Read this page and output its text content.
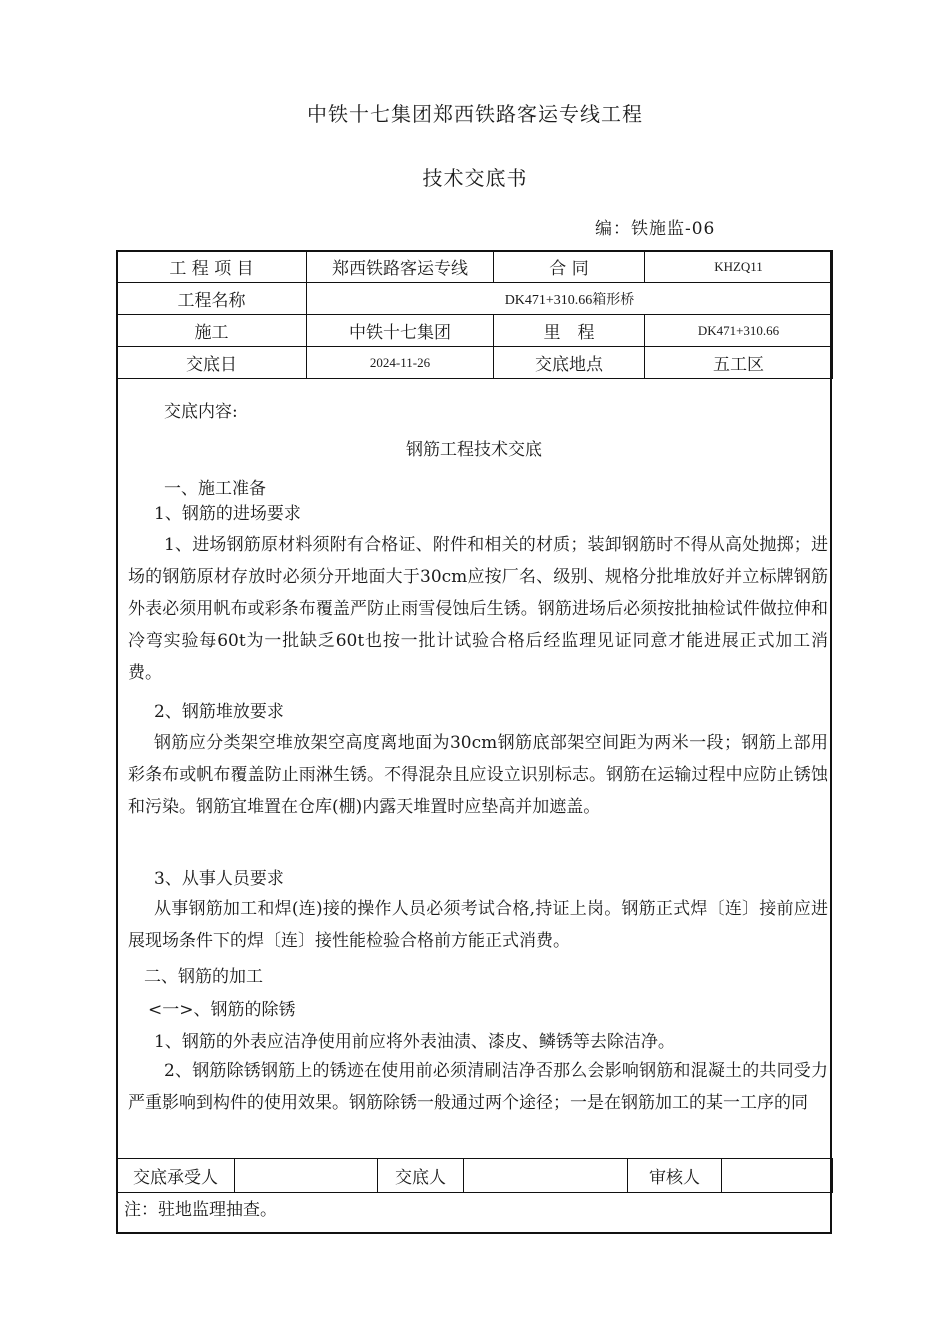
中铁十七集团郑西铁路客运专线工程
技术交底书
编：铁施监-06
工 程 项 目	郑西铁路客运专线	合 同	KHZQ11
工程名称	DK471+310.66箱形桥		
施工	中铁十七集团	里　程	DK471+310.66
交底日	2024-11-26	交底地点	五工区
交底内容:
钢筋工程技术交底
一、施工准备
1、钢筋的进场要求
1、进场钢筋原材料须附有合格证、附件和相关的材质；装卸钢筋时不得从高处抛掷；进场的钢筋原材存放时必须分开地面大于30cm应按厂名、级别、规格分批堆放好并立标牌钢筋外表必须用帆布或彩条布覆盖严防止雨雪侵蚀后生锈。钢筋进场后必须按批抽检试件做拉伸和冷弯实验每60t为一批缺乏60t也按一批计试验合格后经监理见证同意才能进展正式加工消费。
2、钢筋堆放要求
钢筋应分类架空堆放架空高度离地面为30cm钢筋底部架空间距为两米一段；钢筋上部用彩条布或帆布覆盖防止雨淋生锈。不得混杂且应设立识别标志。钢筋在运输过程中应防止锈蚀和污染。钢筋宜堆置在仓库(棚)内露天堆置时应垫高并加遮盖。
3、从事人员要求
从事钢筋加工和焊(连)接的操作人员必须考试合格,持证上岗。钢筋正式焊〔连〕接前应进展现场条件下的焊〔连〕接性能检验合格前方能正式消费。
二、钢筋的加工
<一>、钢筋的除锈
1、钢筋的外表应洁净使用前应将外表油渍、漆皮、鳞锈等去除洁净。
2、钢筋除锈钢筋上的锈迹在使用前必须清刷洁净否那么会影响钢筋和混凝土的共同受力严重影响到构件的使用效果。钢筋除锈一般通过两个途径；一是在钢筋加工的某一工序的同
交底承受人		交底人		审核人	
注：驻地监理抽查。
